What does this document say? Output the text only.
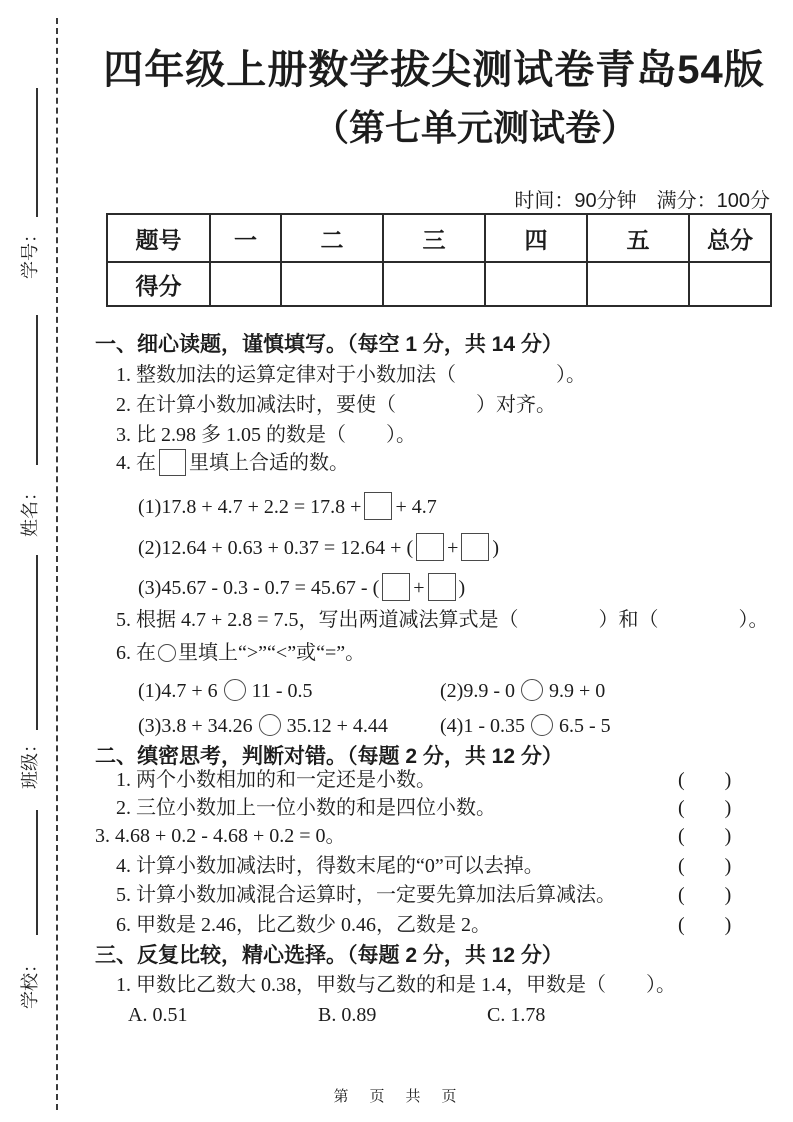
学号：
姓名：
班级：
学校：
四年级上册数学拔尖测试卷青岛54版
（第七单元测试卷）
时间：90分钟　满分：100分
题号	一	二	三	四	五	总分
得分						
一、细心读题，谨慎填写。（每空 1 分，共 14 分）
1. 整数加法的运算定律对于小数加法（　　　　　）。
2. 在计算小数加减法时，要使（　　　　）对齐。
3. 比 2.98 多 1.05 的数是（　　）。
4. 在 里填上合适的数。
(1)17.8 + 4.7 + 2.2 = 17.8 + + 4.7
(2)12.64 + 0.63 + 0.37 = 12.64 + ( + )
(3)45.67 - 0.3 - 0.7 = 45.67 - ( + )
5. 根据 4.7 + 2.8 = 7.5，写出两道减法算式是（　　　　）和（　　　　）。
6. 在 里填上“>”“<”或“=”。
(1)4.7 + 6 11 - 0.5	(2)9.9 - 0 9.9 + 0
(3)3.8 + 34.26 35.12 + 4.44	(4)1 - 0.35 6.5 - 5
二、缜密思考，判断对错。（每题 2 分，共 12 分）
1. 两个小数相加的和一定还是小数。	(　　)
2. 三位小数加上一位小数的和是四位小数。	(　　)
3. 4.68 + 0.2 - 4.68 + 0.2 = 0。	(　　)
4. 计算小数加减法时，得数末尾的“0”可以去掉。	(　　)
5. 计算小数加减混合运算时，一定要先算加法后算减法。	(　　)
6. 甲数是 2.46，比乙数少 0.46，乙数是 2。	(　　)
三、反复比较，精心选择。（每题 2 分，共 12 分）
1. 甲数比乙数大 0.38，甲数与乙数的和是 1.4，甲数是（　　）。
A. 0.51	B. 0.89	C. 1.78
第　页　共　页
